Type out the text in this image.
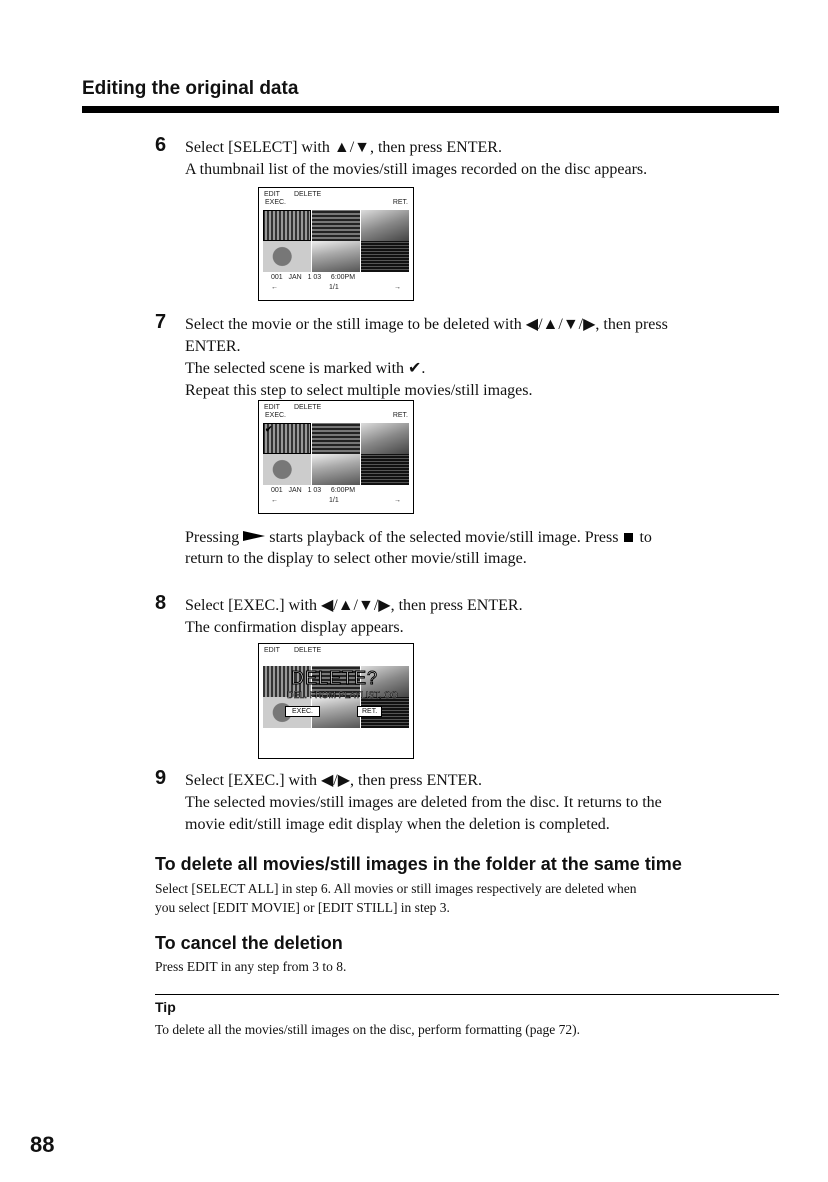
Editing the original data
6 Select [SELECT] with ▲/▼, then press ENTER.
A thumbnail list of the movies/still images recorded on the disc appears.
EDIT DELETE
EXEC.	RET.
001   JAN   1 03     6:00PM
←	1/1	→
7 Select the movie or the still image to be deleted with ◀/▲/▼/▶, then press
ENTER.
The selected scene is marked with ✔.
Repeat this step to select multiple movies/still images.
EDIT DELETE
EXEC.	RET.
✔
001   JAN   1 03     6:00PM
←	1/1	→
Pressing starts playback of the selected movie/still image. Press to
return to the display to select other movie/still image.
8 Select [EXEC.] with ◀/▲/▼/▶, then press ENTER.
The confirmation display appears.
EDIT DELETE
DELETE?
DEL. FROM PLAYLIST, OO
EXEC.	RET.
9 Select [EXEC.] with ◀/▶, then press ENTER.
The selected movies/still images are deleted from the disc. It returns to the
movie edit/still image edit display when the deletion is completed.
To delete all movies/still images in the folder at the same time
Select [SELECT ALL] in step 6. All movies or still images respectively are deleted when
you select [EDIT MOVIE] or [EDIT STILL] in step 3.
To cancel the deletion
Press EDIT in any step from 3 to 8.
Tip
To delete all the movies/still images on the disc, perform formatting (page 72).
88
